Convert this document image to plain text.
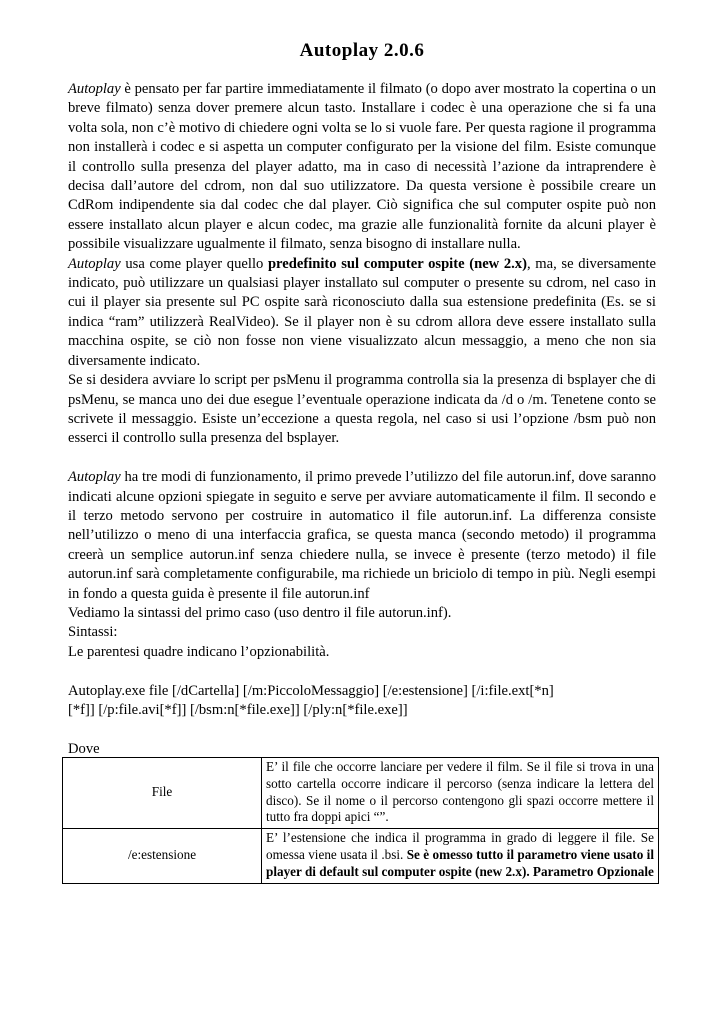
Autoplay 2.0.6

Autoplay è pensato per far partire immediatamente il filmato (o dopo aver mostrato la copertina o un breve filmato) senza dover premere alcun tasto. Installare i codec è una operazione che si fa una volta sola, non c’è motivo di chiedere ogni volta se lo si vuole fare. Per questa ragione il programma non installerà i codec e si aspetta un computer configurato per la visione del film. Esiste comunque il controllo sulla presenza del player adatto, ma in caso di necessità l’azione da intraprendere è decisa dall’autore del cdrom, non dal suo utilizzatore. Da questa versione è possibile creare un CdRom indipendente sia dal codec che dal player. Ciò significa che sul computer ospite può non essere installato alcun player e alcun codec, ma grazie alle funzionalità fornite da alcuni player è possibile visualizzare ugualmente il filmato, senza bisogno di installare nulla.

Autoplay usa come player quello predefinito sul computer ospite (new 2.x), ma, se diversamente indicato, può utilizzare un qualsiasi player installato sul computer o presente su cdrom, nel caso in cui il player sia presente sul PC ospite sarà riconosciuto dalla sua estensione predefinita (Es. se si indica “ram” utilizzerà RealVideo). Se il player non è su cdrom allora deve essere installato sulla macchina ospite, se ciò non fosse non viene visualizzato alcun messaggio, a meno che non sia diversamente indicato.

Se si desidera avviare lo script per psMenu il programma controlla sia la presenza di bsplayer che di psMenu, se manca uno dei due esegue l’eventuale operazione indicata da /d o /m. Tenetene conto se scrivete il messaggio. Esiste un’eccezione a questa regola, nel caso si usi l’opzione /bsm può non esserci il controllo sulla presenza del bsplayer.

Autoplay ha tre modi di funzionamento, il primo prevede l’utilizzo del file autorun.inf, dove saranno indicati alcune opzioni spiegate in seguito e serve per avviare automaticamente il film. Il secondo e il terzo metodo servono per costruire in automatico il file autorun.inf. La differenza consiste nell’utilizzo o meno di una interfaccia grafica, se questa manca (secondo metodo) il programma creerà un semplice autorun.inf senza chiedere nulla, se invece è presente (terzo metodo) il file autorun.inf sarà completamente configurabile, ma richiede un briciolo di tempo in più. Negli esempi in fondo a questa guida è presente il file autorun.inf

Vediamo la sintassi del primo caso (uso dentro il file autorun.inf).

Sintassi:

Le parentesi quadre indicano l’opzionabilità.

Autoplay.exe file [/dCartella] [/m:PiccoloMessaggio] [/e:estensione] [/i:file.ext[*n]

[*f]] [/p:file.avi[*f]] [/bsm:n[*file.exe]] [/ply:n[*file.exe]]

Dove

File	E’ il file che occorre lanciare per vedere il film. Se il file si trova in una sotto cartella occorre indicare il percorso (senza indicare la lettera del disco). Se il nome o il percorso contengono gli spazi occorre mettere il tutto fra doppi apici “”.
/e:estensione	E’ l’estensione che indica il programma in grado di leggere il file. Se omessa viene usata il .bsi. Se è omesso tutto il parametro viene usato il player di default sul computer ospite (new 2.x). Parametro Opzionale
